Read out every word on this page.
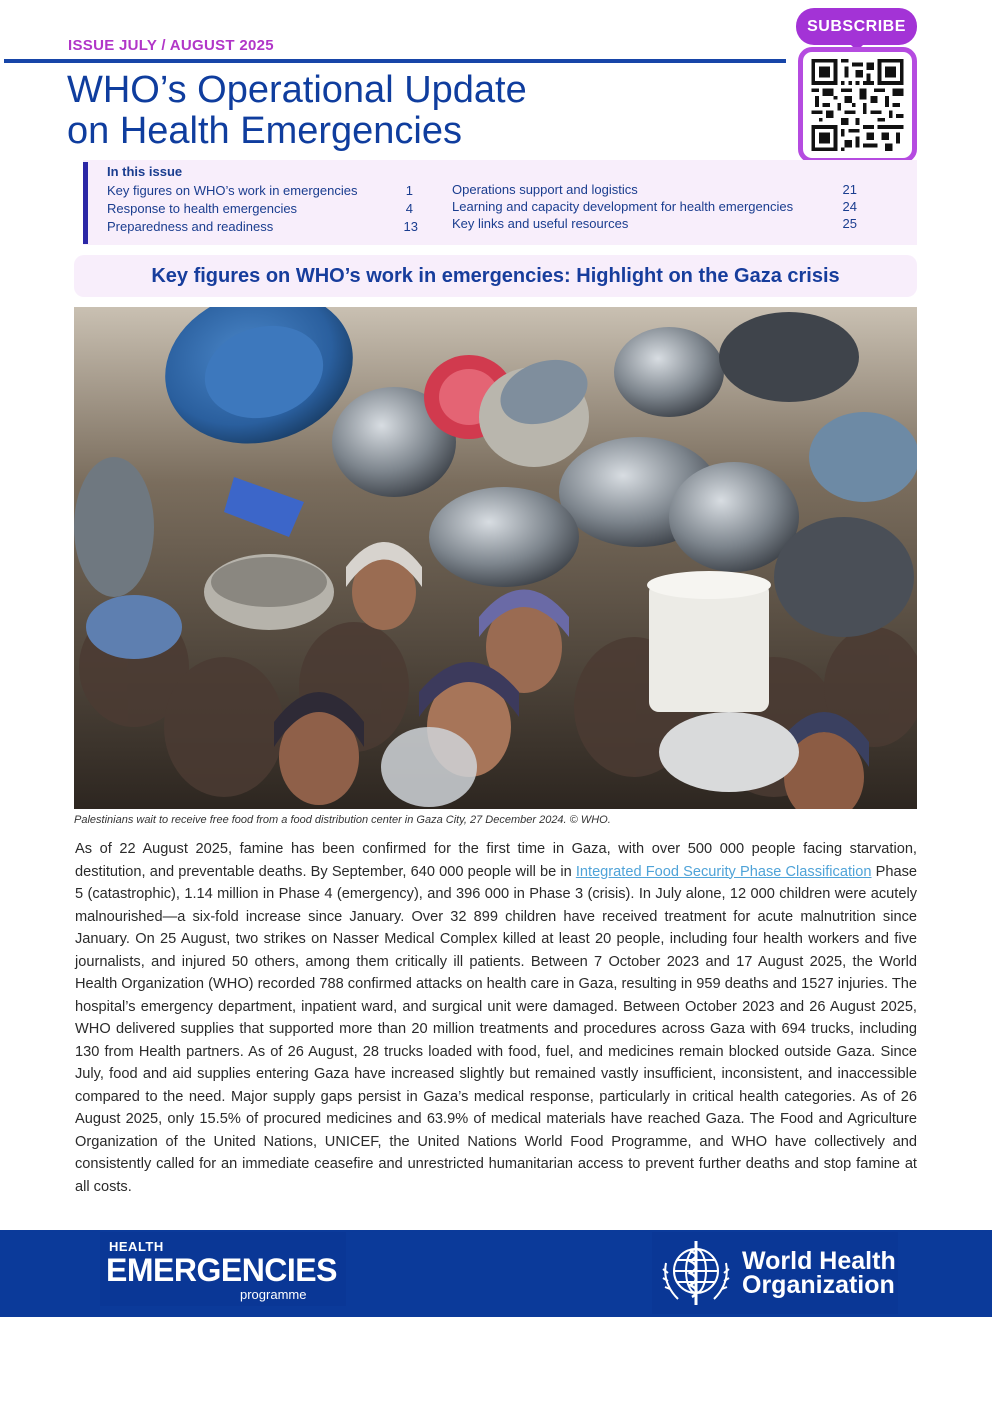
ISSUE JULY / AUGUST 2025
WHO’s Operational Update
on Health Emergencies
SUBSCRIBE
In this issue
Key figures on WHO’s work in emergencies	1
Response to health emergencies	4
Preparedness and readiness	13
Operations support and logistics	21
Learning and capacity development for health emergencies	24
Key links and useful resources	25
Key figures on WHO’s work in emergencies: Highlight on the Gaza crisis
Palestinians wait to receive free food from a food distribution center in Gaza City, 27 December 2024. © WHO.

As of 22 August 2025, famine has been confirmed for the first time in Gaza, with over 500 000 people facing starvation, destitution, and preventable deaths. By September, 640 000 people will be in Integrated Food Security Phase Classification Phase 5 (catastrophic), 1.14 million in Phase 4 (emergency), and 396 000 in Phase 3 (crisis). In July alone, 12 000 children were acutely malnourished—a six-fold increase since January. Over 32 899 children have received treatment for acute malnutrition since January. On 25 August, two strikes on Nasser Medical Complex killed at least 20 people, including four health workers and five journalists, and injured 50 others, among them critically ill patients. Between 7 October 2023 and 17 August 2025, the World Health Organization (WHO) recorded 788 confirmed attacks on health care in Gaza, resulting in 959 deaths and 1527 injuries. The hospital’s emergency department, inpatient ward, and surgical unit were damaged. Between October 2023 and 26 August 2025, WHO delivered supplies that supported more than 20 million treatments and procedures across Gaza with 694 trucks, including 130 from Health partners. As of 26 August, 28 trucks loaded with food, fuel, and medicines remain blocked outside Gaza. Since July, food and aid supplies entering Gaza have increased slightly but remained vastly insufficient, inconsistent, and inaccessible compared to the need. Major supply gaps persist in Gaza’s medical response, particularly in critical health categories. As of 26 August 2025, only 15.5% of procured medicines and 63.9% of medical materials have reached Gaza. The Food and Agriculture Organization of the United Nations, UNICEF, the United Nations World Food Programme, and WHO have collectively and consistently called for an immediate ceasefire and unrestricted humanitarian access to prevent further deaths and stop famine at all costs.

HEALTH
EMERGENCIES
programme
World Health
Organization
